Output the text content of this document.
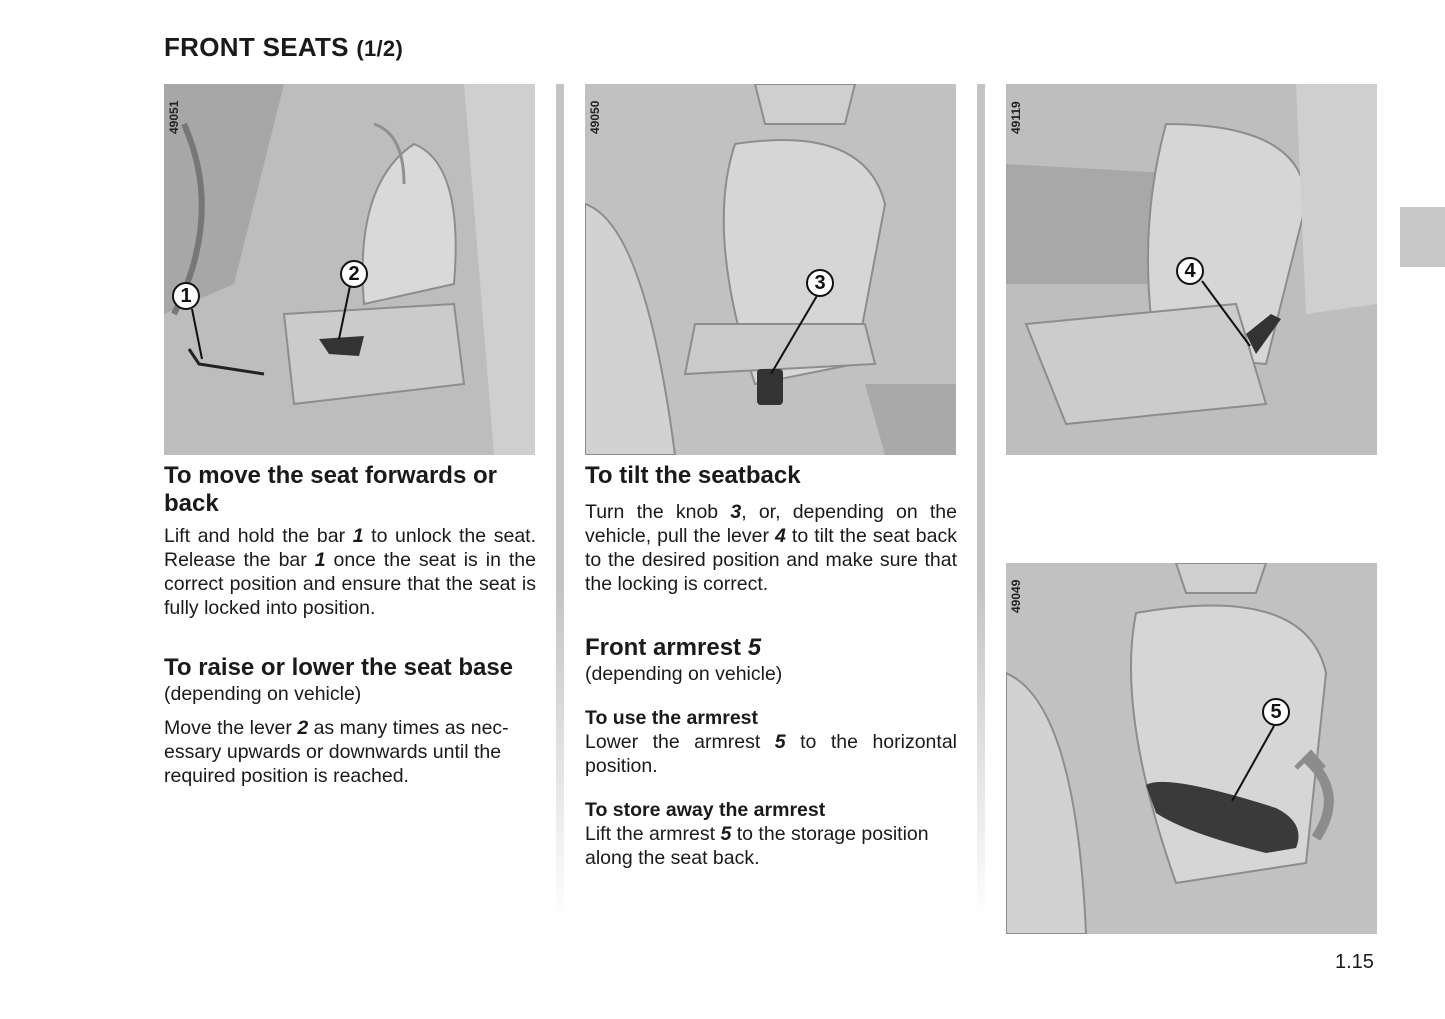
FRONT SEATS (1/2)
49051
1
2
49050
3
49119
4
49049
5
To move the seat forwards or back

Lift and hold the bar 1 to unlock the seat. Release the bar 1 once the seat is in the correct position and ensure that the seat is fully locked into position.

To raise or lower the seat base

(depending on vehicle)

Move the lever 2 as many times as nec-essary upwards or downwards until the required position is reached.

To tilt the seatback

Turn the knob 3, or, depending on the vehicle, pull the lever 4 to tilt the seat back to the desired position and make sure that the locking is correct.

Front armrest 5

(depending on vehicle)

To use the armrest

Lower the armrest 5 to the horizontal position.

To store away the armrest

Lift the armrest 5 to the storage position along the seat back.

1.15
